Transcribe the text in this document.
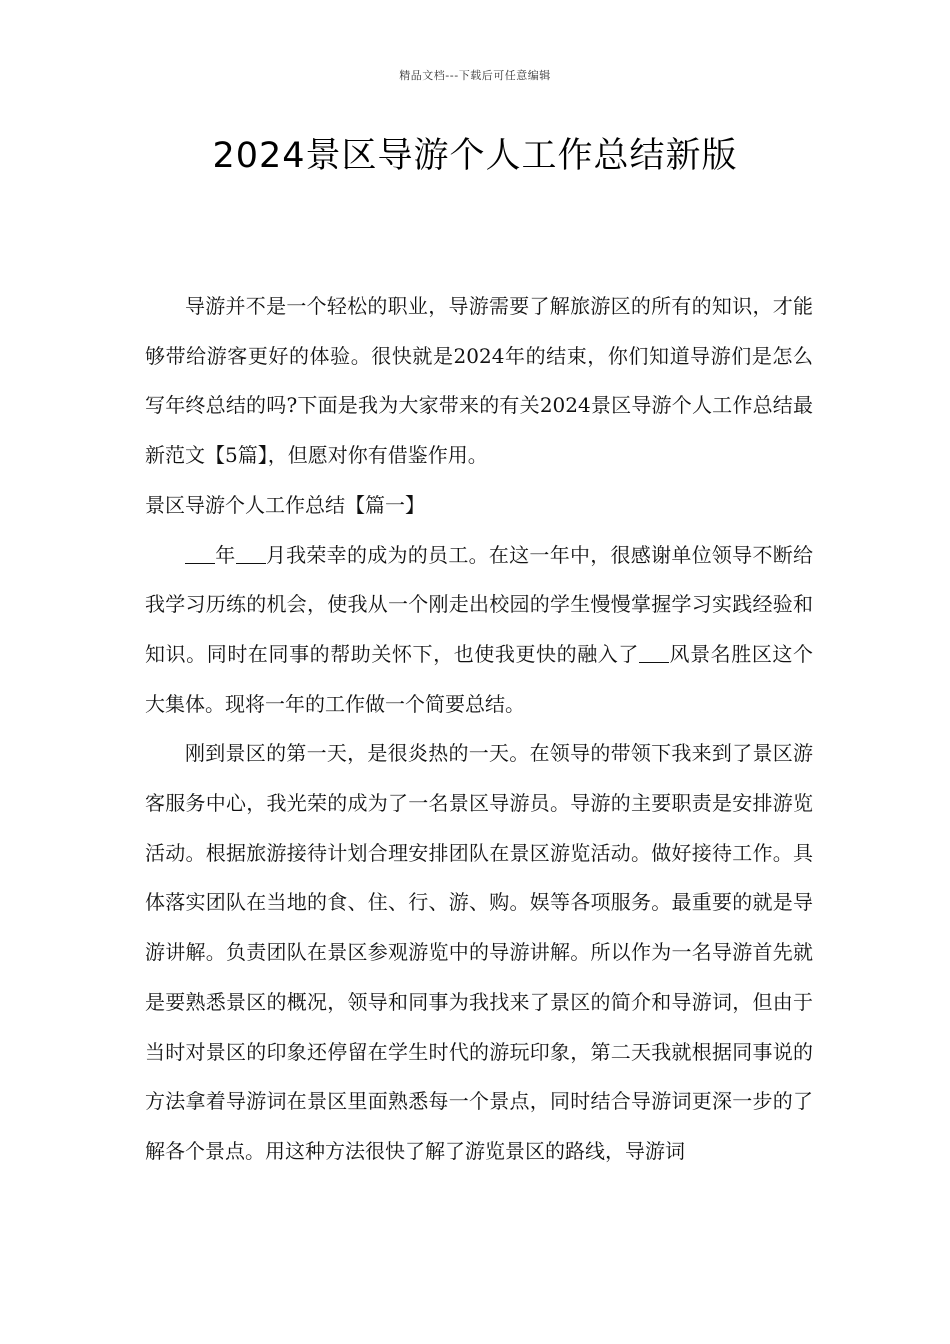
精品文档---下载后可任意编辑
2024景区导游个人工作总结新版

导游并不是一个轻松的职业，导游需要了解旅游区的所有的知识，才能够带给游客更好的体验。很快就是2024年的结束，你们知道导游们是怎么写年终总结的吗?下面是我为大家带来的有关2024景区导游个人工作总结最新范文【5篇】，但愿对你有借鉴作用。

景区导游个人工作总结【篇一】

年 月我荣幸的成为的员工。在这一年中，很感谢单位领导不断给我学习历练的机会，使我从一个刚走出校园的学生慢慢掌握学习实践经验和知识。同时在同事的帮助关怀下，也使我更快的融入了 风景名胜区这个大集体。现将一年的工作做一个简要总结。

刚到景区的第一天，是很炎热的一天。在领导的带领下我来到了景区游客服务中心，我光荣的成为了一名景区导游员。导游的主要职责是安排游览活动。根据旅游接待计划合理安排团队在景区游览活动。做好接待工作。具体落实团队在当地的食、住、行、游、购。娱等各项服务。最重要的就是导游讲解。负责团队在景区参观游览中的导游讲解。所以作为一名导游首先就是要熟悉景区的概况，领导和同事为我找来了景区的简介和导游词，但由于当时对景区的印象还停留在学生时代的游玩印象，第二天我就根据同事说的方法拿着导游词在景区里面熟悉每一个景点，同时结合导游词更深一步的了解各个景点。用这种方法很快了解了游览景区的路线，导游词
